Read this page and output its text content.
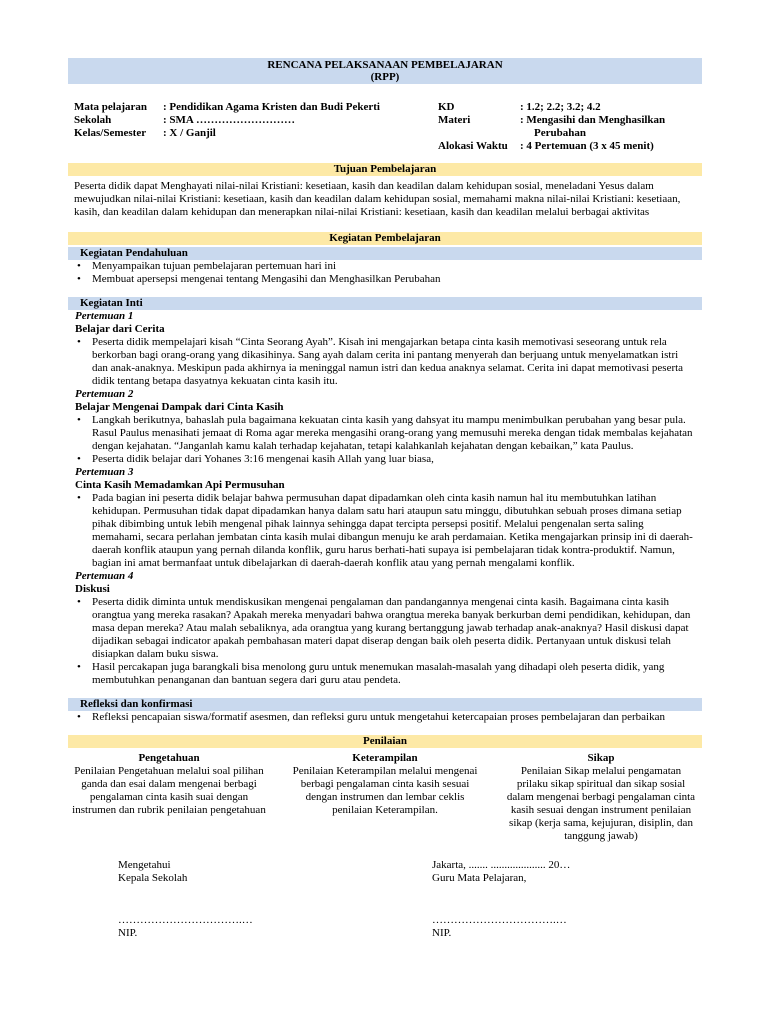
RENCANA PELAKSANAAN PEMBELAJARAN
(RPP)
Mata pelajaran : Pendidikan Agama Kristen dan Budi Pekerti
Sekolah	: SMA ………………………
Kelas/Semester : X / Ganjil
KD	: 1.2; 2.2; 3.2; 4.2
Materi	: Mengasihi dan Menghasilkan
Perubahan
Alokasi Waktu : 4 Pertemuan (3 x 45 menit)
Tujuan Pembelajaran
Peserta didik dapat Menghayati nilai-nilai Kristiani: kesetiaan, kasih dan keadilan dalam kehidupan sosial, meneladani Yesus dalam mewujudkan nilai-nilai Kristiani: kesetiaan, kasih dan keadilan dalam kehidupan sosial, memahami makna nilai-nilai Kristiani: kesetiaan, kasih, dan keadilan dalam kehidupan dan menerapkan nilai-nilai Kristiani: kesetiaan, kasih dan keadilan melalui berbagai aktivitas
Kegiatan Pembelajaran
Kegiatan Pendahuluan
• Menyampaikan tujuan pembelajaran pertemuan hari ini
• Membuat apersepsi mengenai tentang Mengasihi dan Menghasilkan Perubahan
Kegiatan Inti
Pertemuan 1
Belajar dari Cerita
• Peserta didik mempelajari kisah “Cinta Seorang Ayah”. Kisah ini mengajarkan betapa cinta kasih memotivasi seseorang untuk rela berkorban bagi orang-orang yang dikasihinya. Sang ayah dalam cerita ini pantang menyerah dan berjuang untuk menyelamatkan istri dan anak-anaknya. Meskipun pada akhirnya ia meninggal namun istri dan kedua anaknya selamat. Cerita ini dapat memotivasi peserta didik tentang betapa dasyatnya kekuatan cinta kasih itu.
Pertemuan 2
Belajar Mengenai Dampak dari Cinta Kasih
• Langkah berikutnya, bahaslah pula bagaimana kekuatan cinta kasih yang dahsyat itu mampu menimbulkan perubahan yang besar pula. Rasul Paulus menasihati jemaat di Roma agar mereka mengasihi orang-orang yang memusuhi mereka dengan tidak membalas kejahatan dengan kejahatan. “Janganlah kamu kalah terhadap kejahatan, tetapi kalahkanlah kejahatan dengan kebaikan,” kata Paulus.
• Peserta didik belajar dari Yohanes 3:16 mengenai kasih Allah yang luar biasa,
Pertemuan 3
Cinta Kasih Memadamkan Api Permusuhan
• Pada bagian ini peserta didik belajar bahwa permusuhan dapat dipadamkan oleh cinta kasih namun hal itu membutuhkan latihan kehidupan. Permusuhan tidak dapat dipadamkan hanya dalam satu hari ataupun satu minggu, dibutuhkan sebuah proses dimana setiap pihak dibimbing untuk lebih mengenal pihak lainnya sehingga dapat tercipta persepsi positif. Melalui pengenalan serta saling memahami, secara perlahan jembatan cinta kasih mulai dibangun menuju ke arah perdamaian. Ketika mengajarkan prinsip ini di daerah-daerah konflik ataupun yang pernah dilanda konflik, guru harus berhati-hati supaya isi pembelajaran tidak kontra-produktif. Namun, bagian ini amat bermanfaat untuk dibelajarkan di daerah-daerah konflik atau yang pernah mengalami konflik.
Pertemuan 4
Diskusi
• Peserta didik diminta untuk mendiskusikan mengenai pengalaman dan pandangannya mengenai cinta kasih. Bagaimana cinta kasih orangtua yang mereka rasakan? Apakah mereka menyadari bahwa orangtua mereka banyak berkurban demi pendidikan, kehidupan, dan masa depan mereka? Atau malah sebaliknya, ada orangtua yang kurang bertanggung jawab terhadap anak-anaknya? Hasil diskusi dapat dijadikan sebagai indicator apakah pembahasan materi dapat diserap dengan baik oleh peserta didik. Pertanyaan untuk diskusi telah disiapkan dalam buku siswa.
• Hasil percakapan juga barangkali bisa menolong guru untuk menemukan masalah-masalah yang dihadapi oleh peserta didik, yang membutuhkan penanganan dan bantuan segera dari guru atau pendeta.
Refleksi dan konfirmasi
• Refleksi pencapaian siswa/formatif asesmen, dan refleksi guru untuk mengetahui ketercapaian proses pembelajaran dan perbaikan
Penilaian
Pengetahuan
Penilaian Pengetahuan melalui soal pilihan ganda dan esai dalam mengenai berbagi pengalaman cinta kasih suai dengan instrumen dan rubrik penilaian pengetahuan
Keterampilan
Penilaian Keterampilan melalui mengenai berbagi pengalaman cinta kasih sesuai dengan instrumen dan lembar ceklis penilaian Keterampilan.
Sikap
Penilaian Sikap melalui pengamatan prilaku sikap spiritual dan sikap sosial dalam mengenai berbagi pengalaman cinta kasih sesuai dengan instrument penilaian sikap (kerja sama, kejujuran, disiplin, dan tanggung jawab)
Mengetahui
Kepala Sekolah
…………………………….…
NIP.
Jakarta, ....... .................... 20…
Guru Mata Pelajaran,
…………………………….…
NIP.
